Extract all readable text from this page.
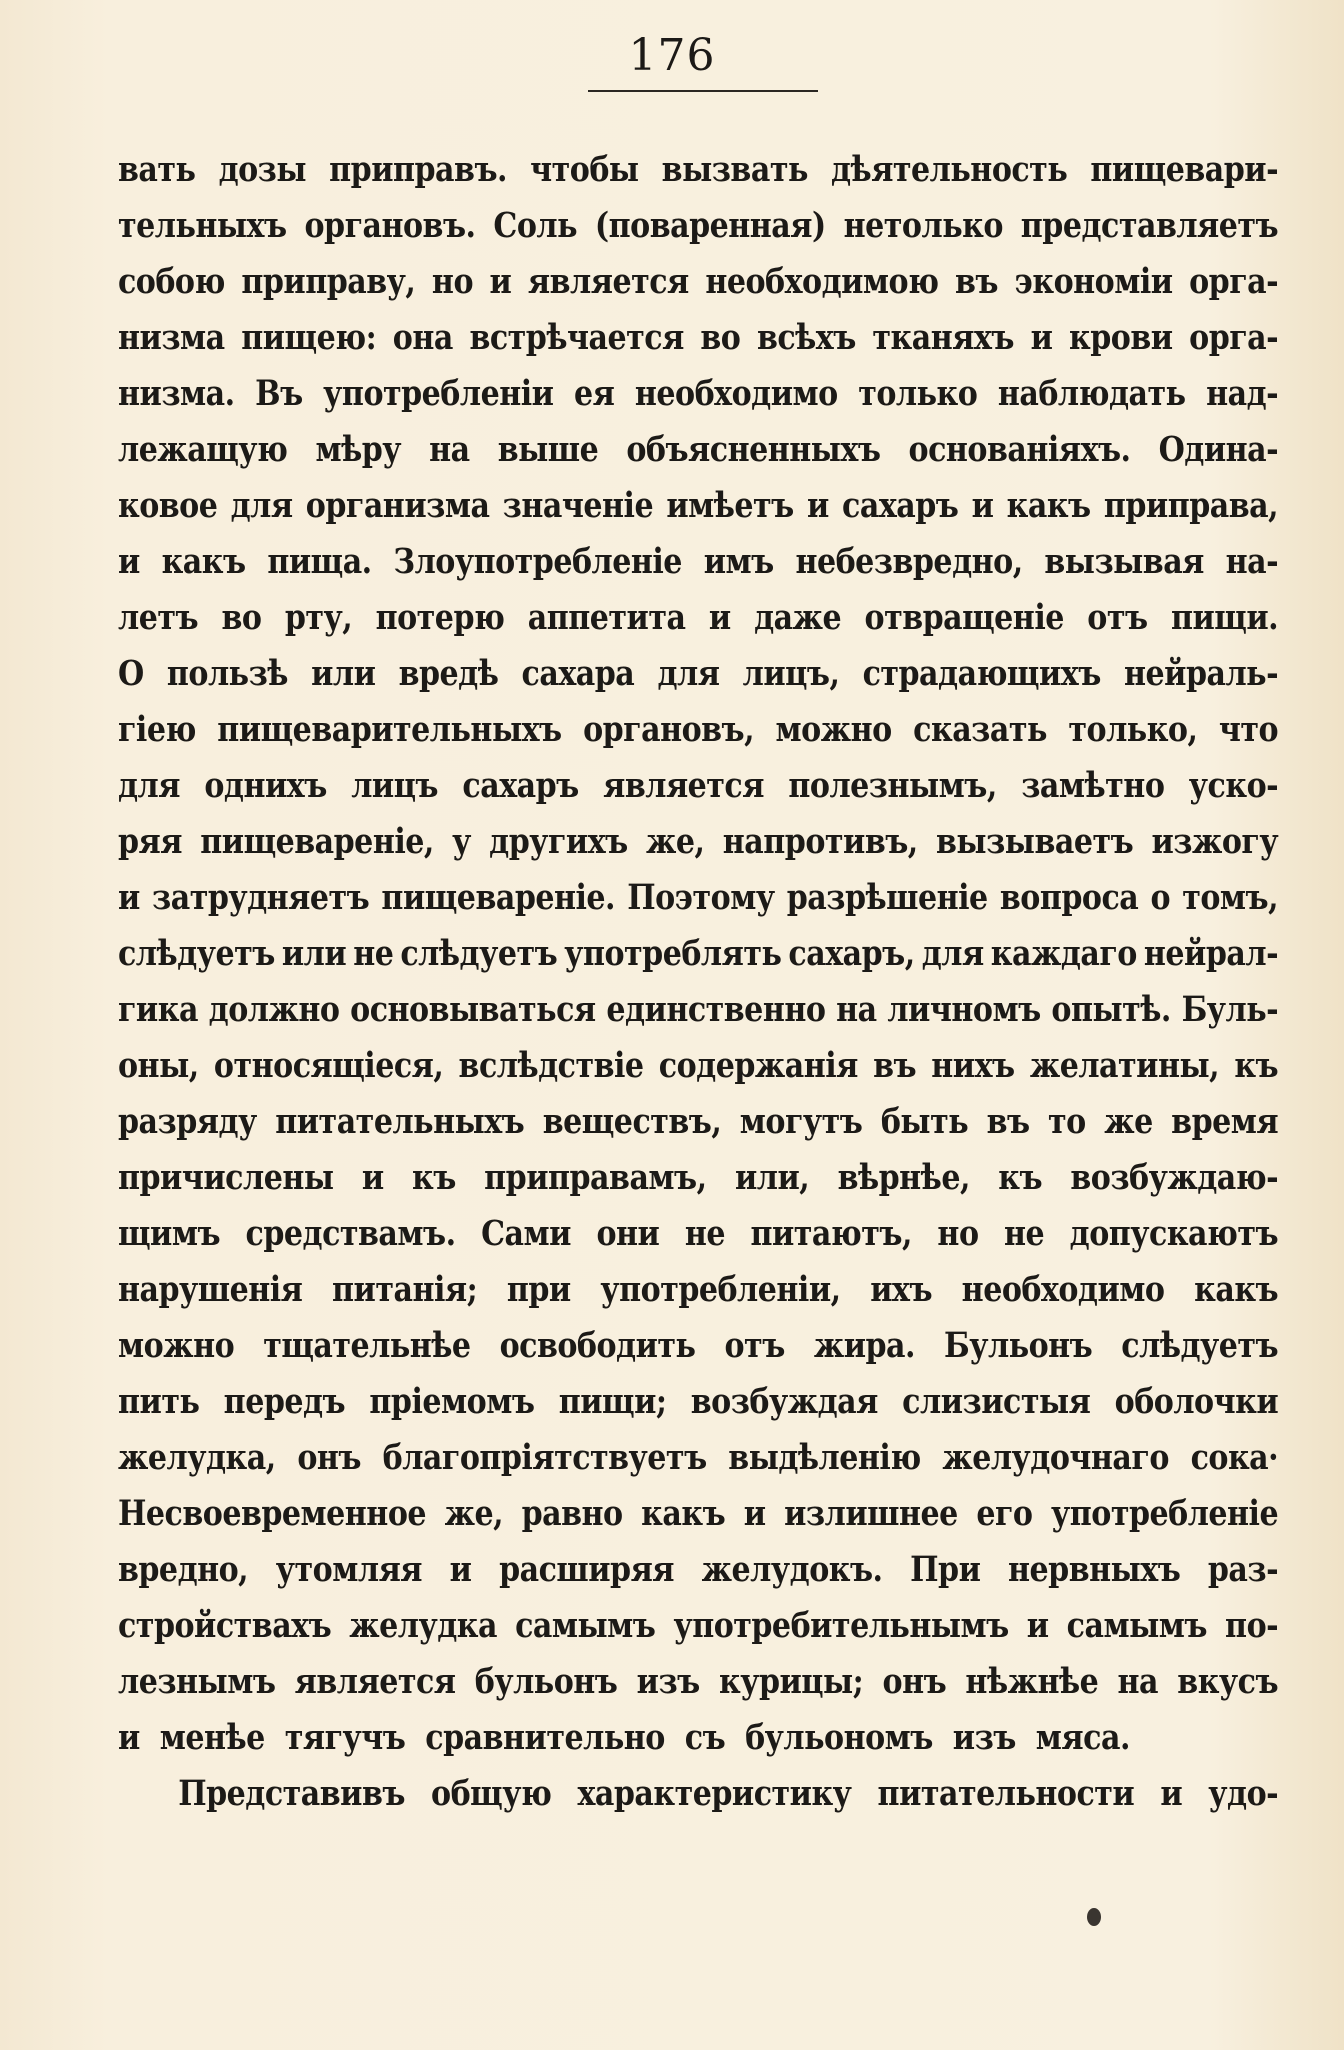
176
вать дозы приправъ. чтобы вызвать дѣятельность пищевари-
тельныхъ органовъ. Соль (поваренная) нетолько представляетъ
собою приправу, но и является необходимою въ экономіи орга-
низма пищею: она встрѣчается во всѣхъ тканяхъ и крови орга-
низма. Въ употребленіи ея необходимо только наблюдать над-
лежащую мѣру на выше объясненныхъ основаніяхъ. Одина-
ковое для организма значеніе имѣетъ и сахаръ и какъ приправа,
и какъ пища. Злоупотребленіе имъ небезвредно, вызывая на-
летъ во рту, потерю аппетита и даже отвращеніе отъ пищи.
О пользѣ или вредѣ сахара для лицъ, страдающихъ нейраль-
гіею пищеварительныхъ органовъ, можно сказать только, что
для однихъ лицъ сахаръ является полезнымъ, замѣтно уско-
ряя пищевареніе, у другихъ же, напротивъ, вызываетъ изжогу
и затрудняетъ пищевареніе. Поэтому разрѣшеніе вопроса о томъ,
слѣдуетъ или не слѣдуетъ употреблять сахаръ, для каждаго нейрал-
гика должно основываться единственно на личномъ опытѣ. Буль-
оны, относящіеся, вслѣдствіе содержанія въ нихъ желатины, къ
разряду питательныхъ веществъ, могутъ быть въ то же время
причислены и къ приправамъ, или, вѣрнѣе, къ возбуждаю-
щимъ средствамъ. Сами они не питаютъ, но не допускаютъ
нарушенія питанія; при употребленіи, ихъ необходимо какъ
можно тщательнѣе освободить отъ жира. Бульонъ слѣдуетъ
пить передъ пріемомъ пищи; возбуждая слизистыя оболочки
желудка, онъ благопріятствуетъ выдѣленію желудочнаго сока·
Несвоевременное же, равно какъ и излишнее его употребленіе
вредно, утомляя и расширяя желудокъ. При нервныхъ раз-
стройствахъ желудка самымъ употребительнымъ и самымъ по-
лезнымъ является бульонъ изъ курицы; онъ нѣжнѣе на вкусъ
и
менѣе
тягучъ
сравнительно
съ
бульономъ
изъ
мяса.
Представивъ общую характеристику питательности и удо-
